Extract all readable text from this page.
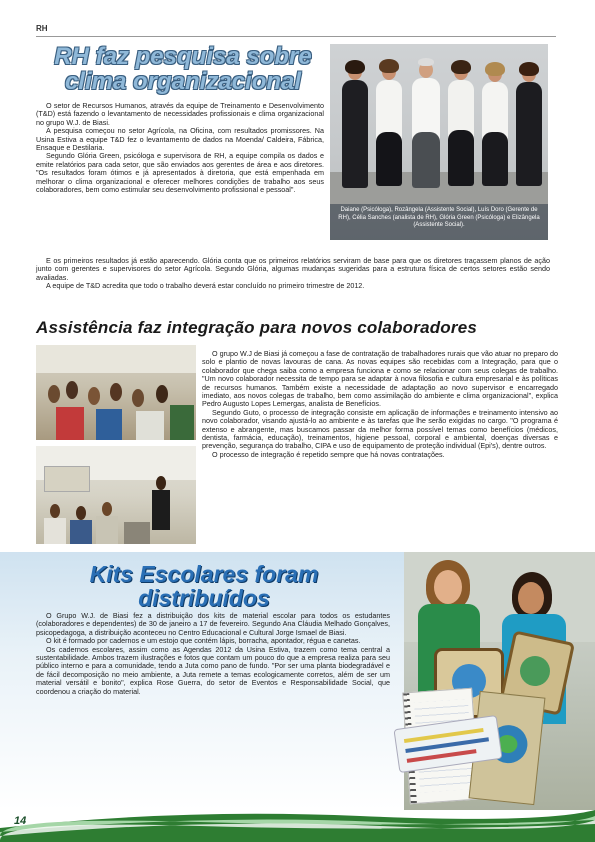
RH
RH faz pesquisa sobre clima organizacional

O setor de Recursos Humanos, através da equipe de Treinamento e Desenvolvimento (T&D) está fazendo o levantamento de necessidades profissionais e clima organizacional no grupo W.J. de Biasi.

A pesquisa começou no setor Agrícola, na Oficina, com resultados promissores. Na Usina Estiva a equipe T&D fez o levantamento de dados na Moenda/ Caldeira, Fábrica, Ensaque e Destilaria.

Segundo Glória Green, psicóloga e supervisora de RH, a equipe compila os dados e emite relatórios para cada setor, que são enviados aos gerentes de área e aos diretores. "Os resultados foram ótimos e já apresentados à diretoria, que está empenhada em melhorar o clima organizacional e oferecer melhores condições de trabalho aos seus colaboradores, bem como estimular seu desenvolvimento profissional e pessoal".

Daiane (Psicóloga), Rozângela (Assistente Social), Luís Doro (Gerente de RH), Célia Sanches (analista de RH), Glória Green (Psicóloga) e Elizângela (Assistente Social).

E os primeiros resultados já estão aparecendo. Glória conta que os primeiros relatórios serviram de base para que os diretores traçassem planos de ação junto com gerentes e supervisores do setor Agrícola. Segundo Glória, algumas mudanças sugeridas para a estrutura física de certos setores estão sendo avaliadas.

A equipe de T&D acredita que todo o trabalho deverá estar concluído no primeiro trimestre de 2012.

Assistência faz integração para novos colaboradores

O grupo W.J de Biasi já começou a fase de contratação de trabalhadores rurais que vão atuar no preparo do solo e plantio de novas lavouras de cana. As novas equipes são recebidas com a Integração, para que o colaborador que chega saiba como a empresa funciona e como se relacionar com seus colegas de trabalho. "Um novo colaborador necessita de tempo para se adaptar à nova filosofia e cultura empresarial e às políticas de recursos humanos. Também existe a necessidade de adaptação ao novo supervisor e encarregado imediato, aos novos colegas de trabalho, bem como assimilação do ambiente e clima organizacional", explica Pedro Augusto Lopes Lemergas, analista de Benefícios.

Segundo Guto, o processo de integração consiste em aplicação de informações e treinamento intensivo ao novo colaborador, visando ajustá-lo ao ambiente e às tarefas que lhe serão exigidas no cargo. "O programa é extenso e abrangente, mas buscamos passar da melhor forma possível temas como benefícios (médicos, dentista, farmácia, educação), treinamentos, higiene pessoal, corporal e ambiental, doenças diversas e prevenção, segurança do trabalho, CIPA e uso de equipamento de proteção individual (Epi's), dentre outros.

O processo de integração é repetido sempre que há novas contratações.

Kits Escolares foram distribuídos

O Grupo W.J. de Biasi fez a distribuição dos kits de material escolar para todos os estudantes (colaboradores e dependentes) de 30 de janeiro a 17 de fevereiro. Segundo Ana Cláudia Melhado Gonçalves, psicopedagoga, a distribuição aconteceu no Centro Educacional e Cultural Jorge Ismael de Biasi.

O kit é formado por cadernos e um estojo que contém lápis, borracha, apontador, régua e canetas.

Os cadernos escolares, assim como as Agendas 2012 da Usina Estiva, trazem como tema central a sustentabilidade. Ambos trazem ilustrações e fotos que contam um pouco do que a empresa realiza para seu público interno e para a comunidade, tendo a Juta como pano de fundo. "Por ser uma planta biodegradável e de fácil decomposição no meio ambiente, a Juta remete a temas ecologicamente corretos, além de ser um material versátil e bonito", explica Rose Guerra, do setor de Eventos e Responsabilidade Social, que coordenou a criação do material.

14
